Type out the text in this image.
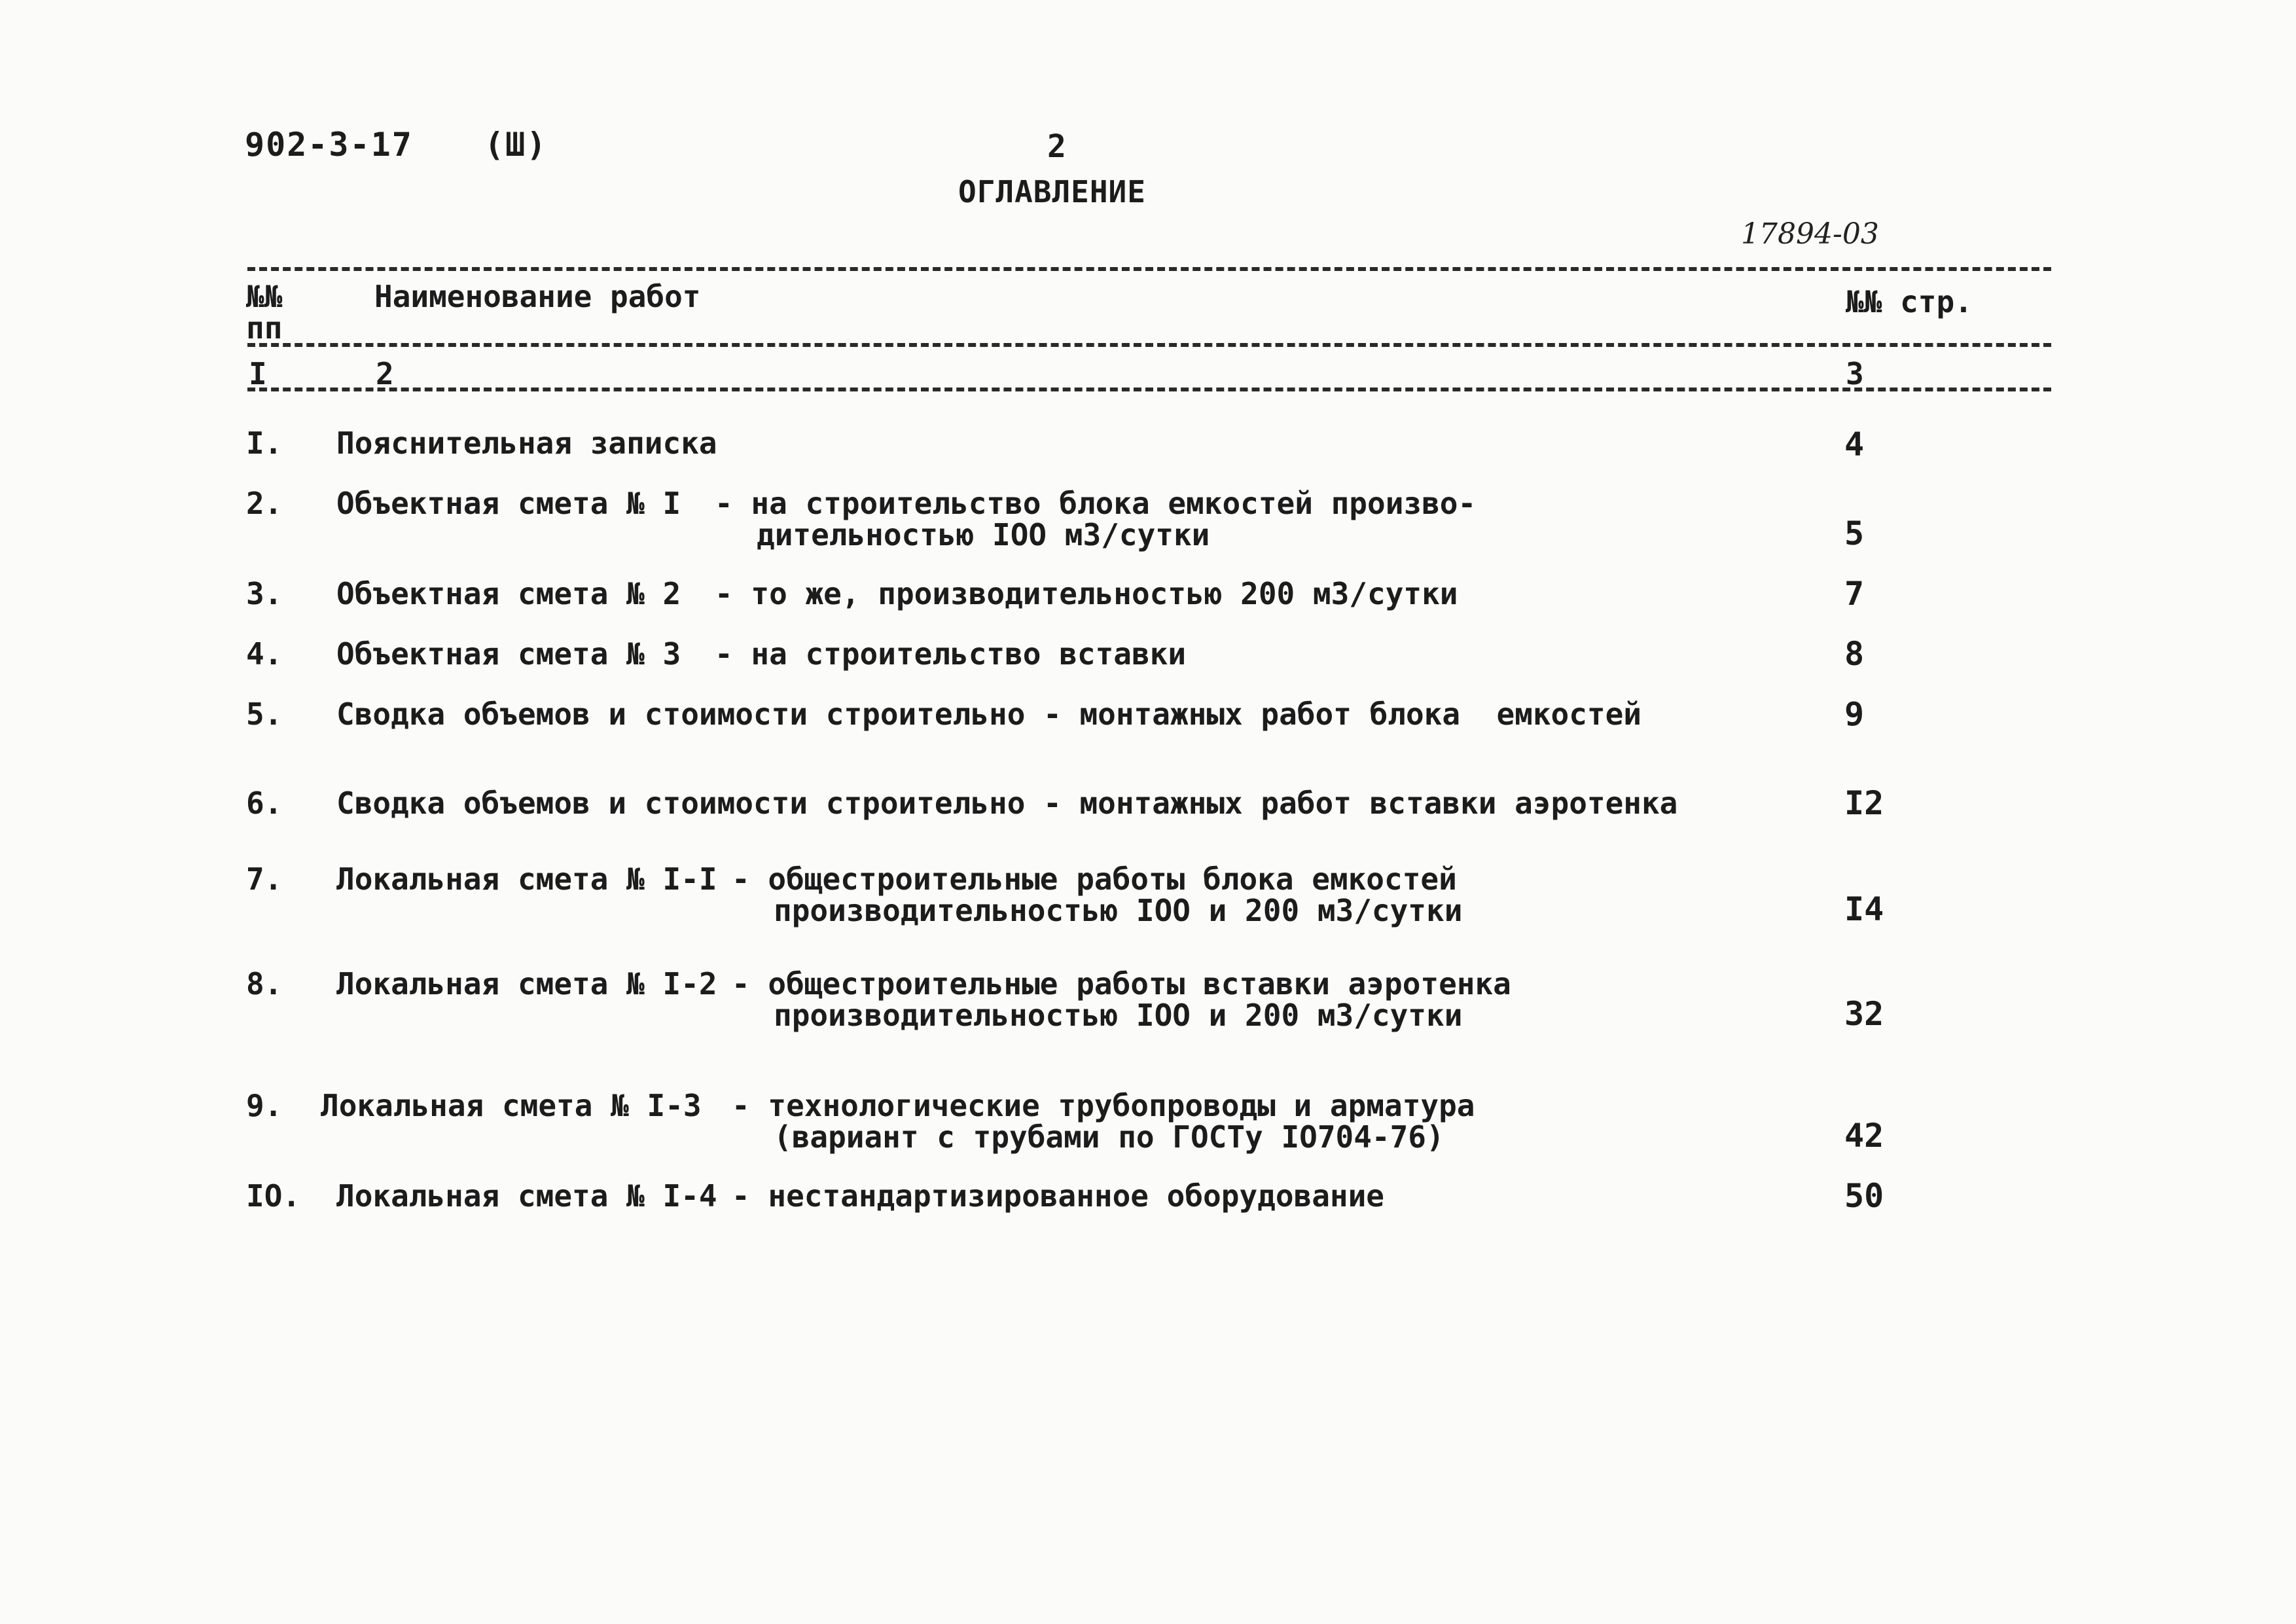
902-3-17 (Ш)	2
ОГЛАВЛЕНИЕ
17894-03
№№
пп
Наименование работ	№№ стр.
I	2	3
I. Пояснительная записка	4
2. Объектная смета № I - на строительство блока емкостей произво-
дительностью IOO м3/сутки	5
3. Объектная смета № 2 - то же, производительностью 200 м3/сутки	7
4. Объектная смета № 3 - на строительство вставки	8
5. Сводка объемов и стоимости строительно - монтажных работ блока  емкостей	9
6. Сводка объемов и стоимости строительно - монтажных работ вставки аэротенка	I2
7. Локальная смета № I-I - общестроительные работы блока емкостей
производительностью IOO и 200 м3/сутки	I4
8. Локальная смета № I-2 - общестроительные работы вставки аэротенка
производительностью IOO и 200 м3/сутки	32
9. Локальная смета № I-3 - технологические трубопроводы и арматура
(вариант с трубами по ГОСТу IO704-76)	42
IO. Локальная смета № I-4 - нестандартизированное оборудование	50
